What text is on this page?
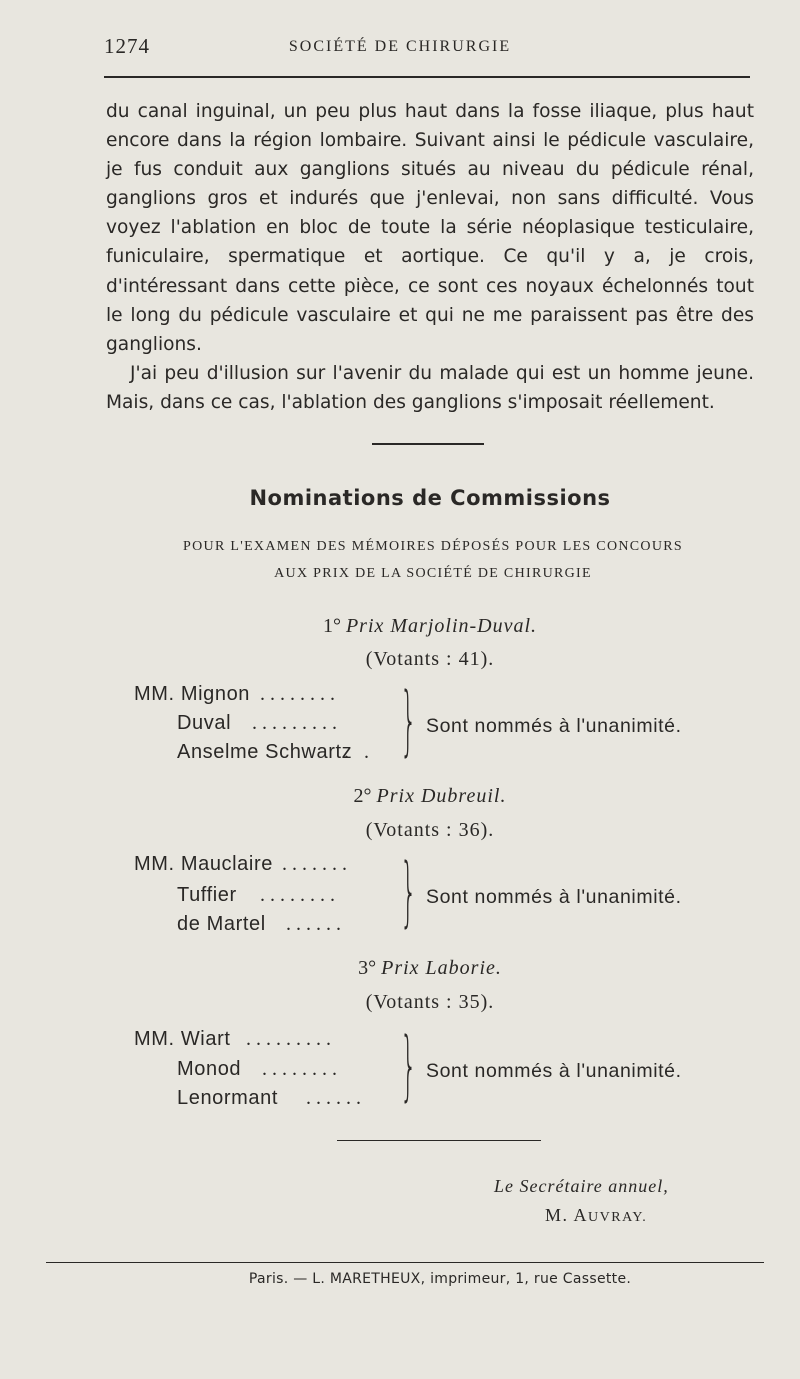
1274	SOCIÉTÉ DE CHIRURGIE

du canal inguinal, un peu plus haut dans la fosse iliaque, plus haut encore dans la région lombaire. Suivant ainsi le pédicule vasculaire, je fus conduit aux ganglions situés au niveau du pédicule rénal, ganglions gros et indurés que j'enlevai, non sans difficulté. Vous voyez l'ablation en bloc de toute la série néoplasique testiculaire, funiculaire, spermatique et aortique. Ce qu'il y a, je crois, d'intéressant dans cette pièce, ce sont ces noyaux échelonnés tout le long du pédicule vasculaire et qui ne me paraissent pas être des ganglions.

J'ai peu d'illusion sur l'avenir du malade qui est un homme jeune. Mais, dans ce cas, l'ablation des ganglions s'imposait réellement.

Nominations de Commissions
POUR L'EXAMEN DES MÉMOIRES DÉPOSÉS POUR LES CONCOURS
AUX PRIX DE LA SOCIÉTÉ DE CHIRURGIE
1° Prix Marjolin-Duval.
(Votants : 41).
MM. Mignon
Duval
Anselme Schwartz
........
.........
. . } Sont nommés à l'unanimité.
2° Prix Dubreuil.
(Votants : 36).
MM. Mauclaire
Tuffier
de Martel
.......
........
...... } Sont nommés à l'unanimité.
3° Prix Laborie.
(Votants : 35).
MM. Wiart
Monod
Lenormant
.........
........
...... } Sont nommés à l'unanimité.
Le Secrétaire annuel,
M. AUVRAY.
Paris. — L. MARETHEUX, imprimeur, 1, rue Cassette.
